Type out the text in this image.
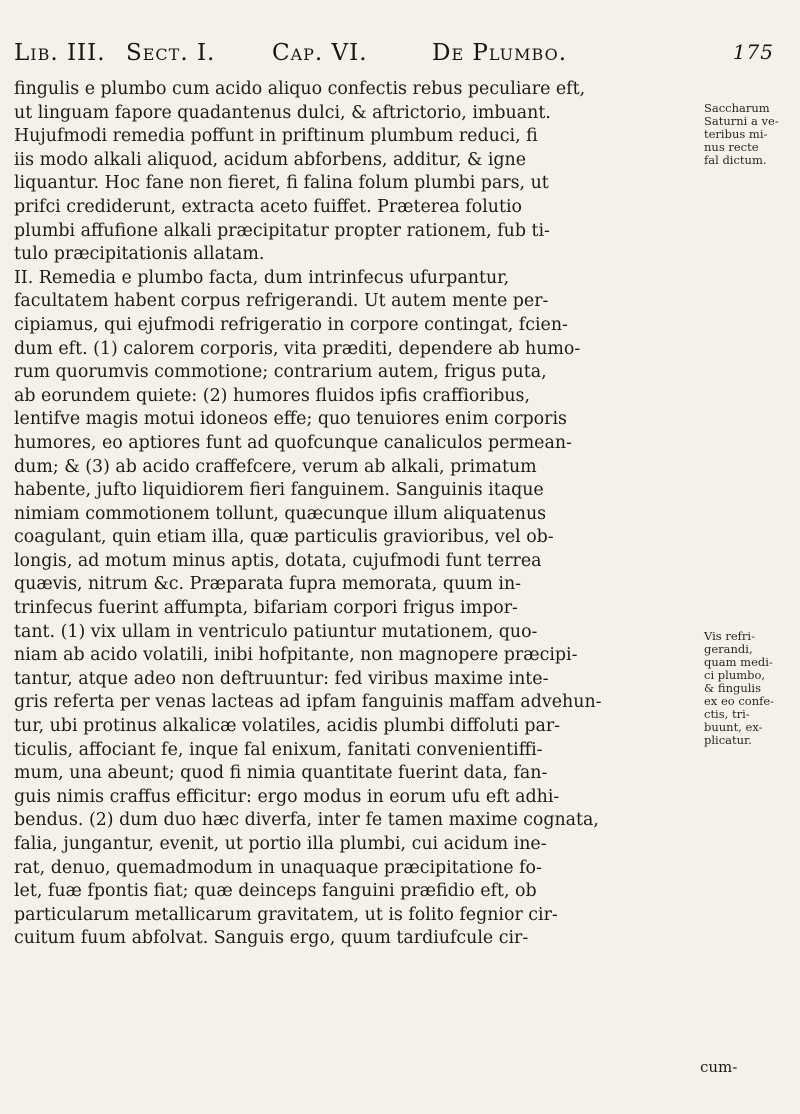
Lib. III. Sect. I. Cap. VI.	De Plumbo.	175
fingulis e plumbo cum acido aliquo confectis rebus peculiare eft,
ut linguam fapore quadantenus dulci, & aftrictorio, imbuant.
Hujufmodi remedia poffunt in priftinum plumbum reduci, fi
iis modo alkali aliquod, acidum abforbens, additur, & igne
liquantur. Hoc fane non fieret, fi falina folum plumbi pars, ut
prifci crediderunt, extracta aceto fuiffet. Præterea folutio
plumbi affufione alkali præcipitatur propter rationem, fub ti-
tulo præcipitationis allatam.
II. Remedia e plumbo facta, dum intrinfecus ufurpantur,
facultatem habent corpus refrigerandi. Ut autem mente per-
cipiamus, qui ejufmodi refrigeratio in corpore contingat, fcien-
dum eft. (1) calorem corporis, vita præditi, dependere ab humo-
rum quorumvis commotione; contrarium autem, frigus puta,
ab eorundem quiete: (2) humores fluidos ipfis craffioribus,
lentifve magis motui idoneos effe; quo tenuiores enim corporis
humores, eo aptiores funt ad quofcunque canaliculos permean-
dum; & (3) ab acido craffefcere, verum ab alkali, primatum
habente, jufto liquidiorem fieri fanguinem. Sanguinis itaque
nimiam commotionem tollunt, quæcunque illum aliquatenus
coagulant, quin etiam illa, quæ particulis gravioribus, vel ob-
longis, ad motum minus aptis, dotata, cujufmodi funt terrea
quævis, nitrum &c. Præparata fupra memorata, quum in-
trinfecus fuerint affumpta, bifariam corpori frigus impor-
tant. (1) vix ullam in ventriculo patiuntur mutationem, quo-
niam ab acido volatili, inibi hofpitante, non magnopere præcipi-
tantur, atque adeo non deftruuntur: fed viribus maxime inte-
gris referta per venas lacteas ad ipfam fanguinis maffam advehun-
tur, ubi protinus alkalicæ volatiles, acidis plumbi diffoluti par-
ticulis, affociant fe, inque fal enixum, fanitati convenientiffi-
mum, una abeunt; quod fi nimia quantitate fuerint data, fan-
guis nimis craffus efficitur: ergo modus in eorum ufu eft adhi-
bendus. (2) dum duo hæc diverfa, inter fe tamen maxime cognata,
falia, jungantur, evenit, ut portio illa plumbi, cui acidum ine-
rat, denuo, quemadmodum in unaquaque præcipitatione fo-
let, fuæ fpontis fiat; quæ deinceps fanguini præfidio eft, ob
particularum metallicarum gravitatem, ut is folito fegnior cir-
cuitum fuum abfolvat. Sanguis ergo, quum tardiufcule cir-
Saccharum
Saturni a ve-
teribus mi-
nus recte
fal dictum.
Vis refri-
gerandi,
quam medi-
ci plumbo,
& fingulis
ex eo confe-
ctis, tri-
buunt, ex-
plicatur.
cum-
